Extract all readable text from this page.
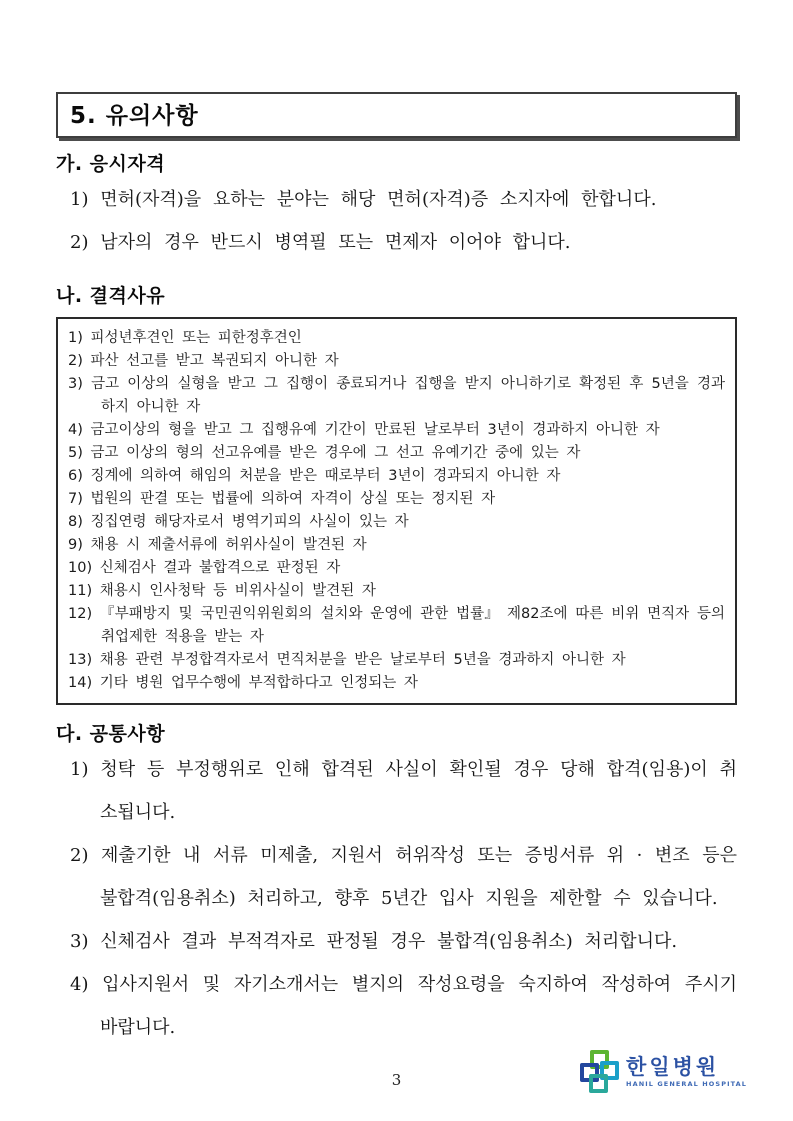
5. 유의사항
가. 응시자격

1) 면허(자격)을 요하는 분야는 해당 면허(자격)증 소지자에 한합니다.

2) 남자의 경우 반드시 병역필 또는 면제자 이어야 합니다.

나. 결격사유

1) 피성년후견인 또는 피한정후견인

2) 파산 선고를 받고 복권되지 아니한 자

3) 금고 이상의 실형을 받고 그 집행이 종료되거나 집행을 받지 아니하기로 확정된 후 5년을 경과하지 아니한 자

4) 금고이상의 형을 받고 그 집행유예 기간이 만료된 날로부터 3년이 경과하지 아니한 자

5) 금고 이상의 형의 선고유예를 받은 경우에 그 선고 유예기간 중에 있는 자

6) 징계에 의하여 해임의 처분을 받은 때로부터 3년이 경과되지 아니한 자

7) 법원의 판결 또는 법률에 의하여 자격이 상실 또는 정지된 자

8) 징집연령 해당자로서 병역기피의 사실이 있는 자

9) 채용 시 제출서류에 허위사실이 발견된 자

10) 신체검사 결과 불합격으로 판정된 자

11) 채용시 인사청탁 등 비위사실이 발견된 자

12) 『부패방지 및 국민권익위원회의 설치와 운영에 관한 법률』 제82조에 따른 비위 면직자 등의 취업제한 적용을 받는 자

13) 채용 관련 부정합격자로서 면직처분을 받은 날로부터 5년을 경과하지 아니한 자

14) 기타 병원 업무수행에 부적합하다고 인정되는 자

다. 공통사항

1) 청탁 등 부정행위로 인해 합격된 사실이 확인될 경우 당해 합격(임용)이 취소됩니다.

2) 제출기한 내 서류 미제출, 지원서 허위작성 또는 증빙서류 위 · 변조 등은 불합격(임용취소) 처리하고, 향후 5년간 입사 지원을 제한할 수 있습니다.

3) 신체검사 결과 부적격자로 판정될 경우 불합격(임용취소) 처리합니다.

4) 입사지원서 및 자기소개서는 별지의 작성요령을 숙지하여 작성하여 주시기 바랍니다.

3
한일병원
HANIL GENERAL HOSPITAL
